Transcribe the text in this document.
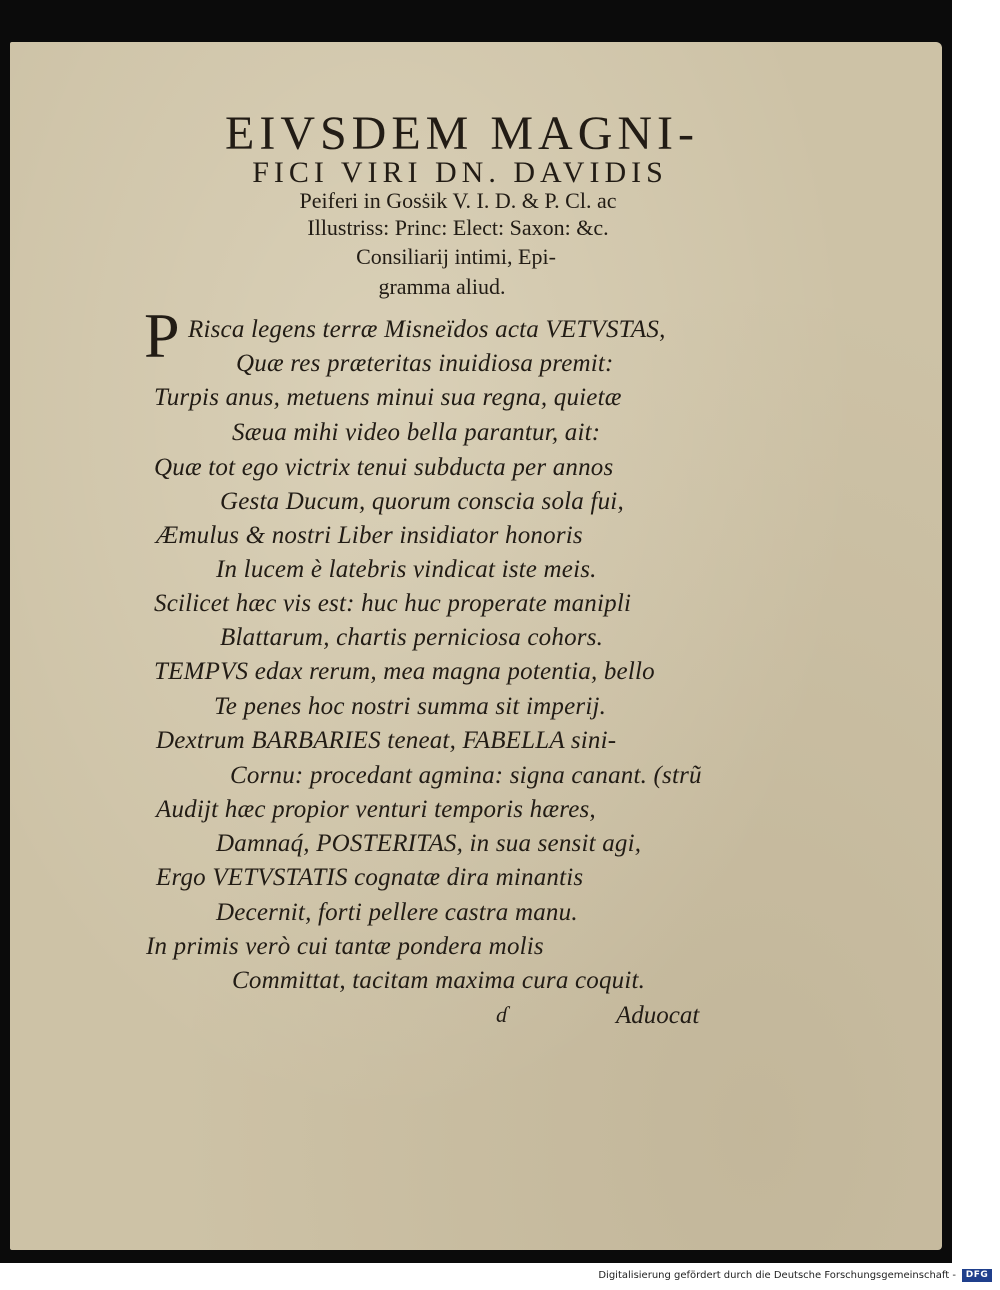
EIVSDEM MAGNI-
FICI VIRI DN. DAVIDIS
Peiferi in Gosṡik V. I. D. & P. Cl. ac
Illustriss: Princ: Elect: Saxon: &c.
Consiliarij intimi, Epi-
gramma aliud.
P Risca legens terræ Misneïdos acta VETVSTAS,
Quæ res præteritas inuidiosa premit:
Turpis anus, metuens minui sua regna, quietæ
Sæua mihi video bella parantur, ait:
Quæ tot ego victrix tenui subducta per annos
Gesta Ducum, quorum conscia sola fui,
Æmulus & nostri Liber insidiator honoris
In lucem è latebris vindicat iste meis.
Scilicet hæc vis est: huc huc properate manipli
Blattarum, chartis perniciosa cohors.
TEMPVS edax rerum, mea magna potentia, bello
Te penes hoc nostri summa sit imperij.
Dextrum BARBARIES teneat, FABELLA sini-
Cornu: procedant agmina: signa canant. (strũ
Audijt hæc propior venturi temporis hæres,
Damnaq́, POSTERITAS, in sua sensit agi,
Ergo VETVSTATIS cognatæ dira minantis
Decernit, forti pellere castra manu.
In primis verò cui tantæ pondera molis
Committat, tacitam maxima cura coquit.
ɗ	Aduocat
Digitalisierung gefördert durch die Deutsche Forschungsgemeinschaft -	DFG
